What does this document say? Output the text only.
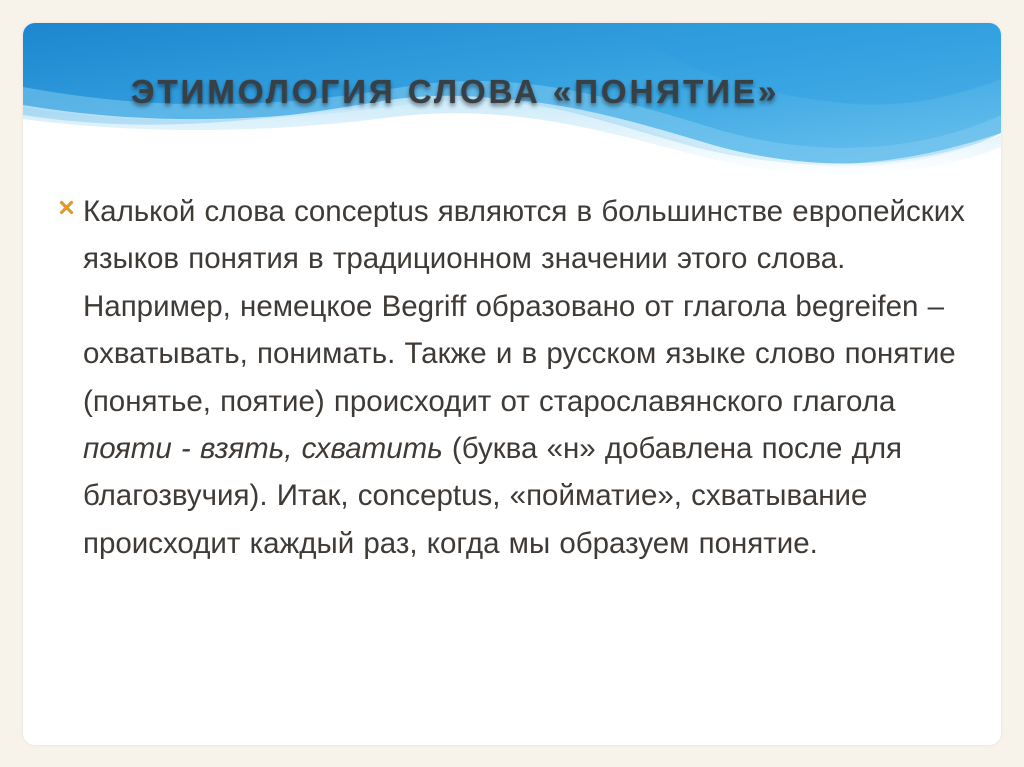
ЭТИМОЛОГИЯ СЛОВА «ПОНЯТИЕ»

Калькой слова conceptus являются в большинстве европейских языков понятия в традиционном значении этого слова. Например, немецкое Begriff образовано от глагола begreifen – охватывать, понимать. Также и в русском языке слово понятие (понятье, поятие) происходит от старославянского глагола пояти - взять, схватить (буква «н» добавлена после для благозвучия). Итак, conceptus, «пойматие», схватывание происходит каждый раз, когда мы образуем понятие.
